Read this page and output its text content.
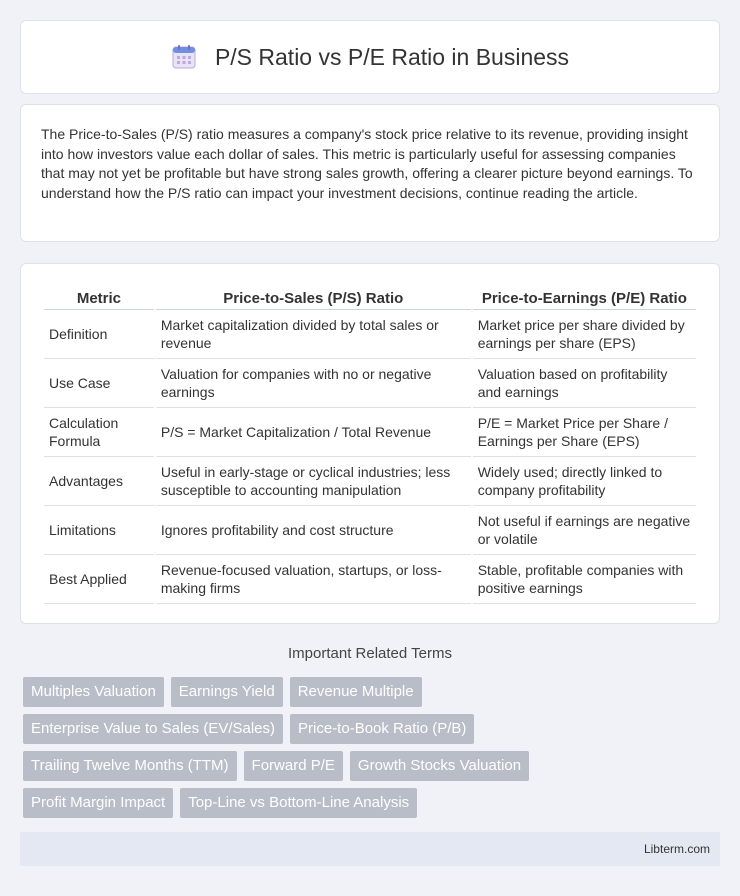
P/S Ratio vs P/E Ratio in Business

The Price-to-Sales (P/S) ratio measures a company's stock price relative to its revenue, providing insight into how investors value each dollar of sales. This metric is particularly useful for assessing companies that may not yet be profitable but have strong sales growth, offering a clearer picture beyond earnings. To understand how the P/S ratio can impact your investment decisions, continue reading the article.

Metric	Price-to-Sales (P/S) Ratio	Price-to-Earnings (P/E) Ratio
Definition	Market capitalization divided by total sales or revenue	Market price per share divided by earnings per share (EPS)
Use Case	Valuation for companies with no or negative earnings	Valuation based on profitability and earnings
Calculation Formula	P/S = Market Capitalization / Total Revenue	P/E = Market Price per Share / Earnings per Share (EPS)
Advantages	Useful in early-stage or cyclical industries; less susceptible to accounting manipulation	Widely used; directly linked to company profitability
Limitations	Ignores profitability and cost structure	Not useful if earnings are negative or volatile
Best Applied	Revenue-focused valuation, startups, or loss-making firms	Stable, profitable companies with positive earnings
Important Related Terms
Multiples Valuation	Earnings Yield	Revenue Multiple
Enterprise Value to Sales (EV/Sales)	Price-to-Book Ratio (P/B)
Trailing Twelve Months (TTM)	Forward P/E	Growth Stocks Valuation
Profit Margin Impact	Top-Line vs Bottom-Line Analysis
Libterm.com
